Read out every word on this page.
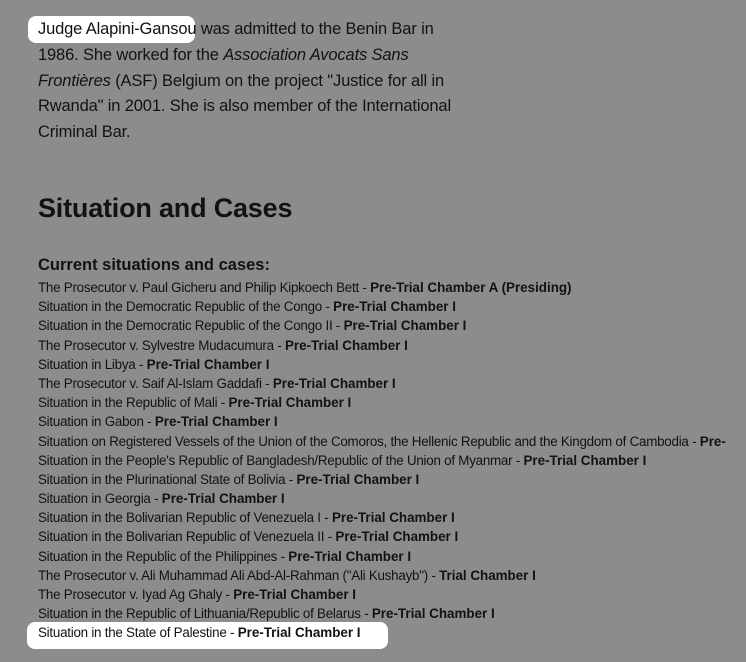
Judge Alapini-Gansou was admitted to the Benin Bar in 1986. She worked for the Association Avocats Sans Frontières (ASF) Belgium on the project "Justice for all in Rwanda" in 2001. She is also member of the International Criminal Bar.

Situation and Cases
Current situations and cases:
The Prosecutor v. Paul Gicheru and Philip Kipkoech Bett - Pre-Trial Chamber A (Presiding)
Situation in the Democratic Republic of the Congo - Pre-Trial Chamber I
Situation in the Democratic Republic of the Congo II - Pre-Trial Chamber I
The Prosecutor v. Sylvestre Mudacumura - Pre-Trial Chamber I
Situation in Libya - Pre-Trial Chamber I
The Prosecutor v. Saif Al-Islam Gaddafi - Pre-Trial Chamber I
Situation in the Republic of Mali - Pre-Trial Chamber I
Situation in Gabon - Pre-Trial Chamber I
Situation on Registered Vessels of the Union of the Comoros, the Hellenic Republic and the Kingdom of Cambodia - Pre-
Situation in the People's Republic of Bangladesh/Republic of the Union of Myanmar - Pre-Trial Chamber I
Situation in the Plurinational State of Bolivia - Pre-Trial Chamber I
Situation in Georgia - Pre-Trial Chamber I
Situation in the Bolivarian Republic of Venezuela I - Pre-Trial Chamber I
Situation in the Bolivarian Republic of Venezuela II - Pre-Trial Chamber I
Situation in the Republic of the Philippines - Pre-Trial Chamber I
The Prosecutor v. Ali Muhammad Ali Abd-Al-Rahman ("Ali Kushayb") - Trial Chamber I
The Prosecutor v. Iyad Ag Ghaly - Pre-Trial Chamber I
Situation in the Republic of Lithuania/Republic of Belarus - Pre-Trial Chamber I
Situation in the State of Palestine - Pre-Trial Chamber I
